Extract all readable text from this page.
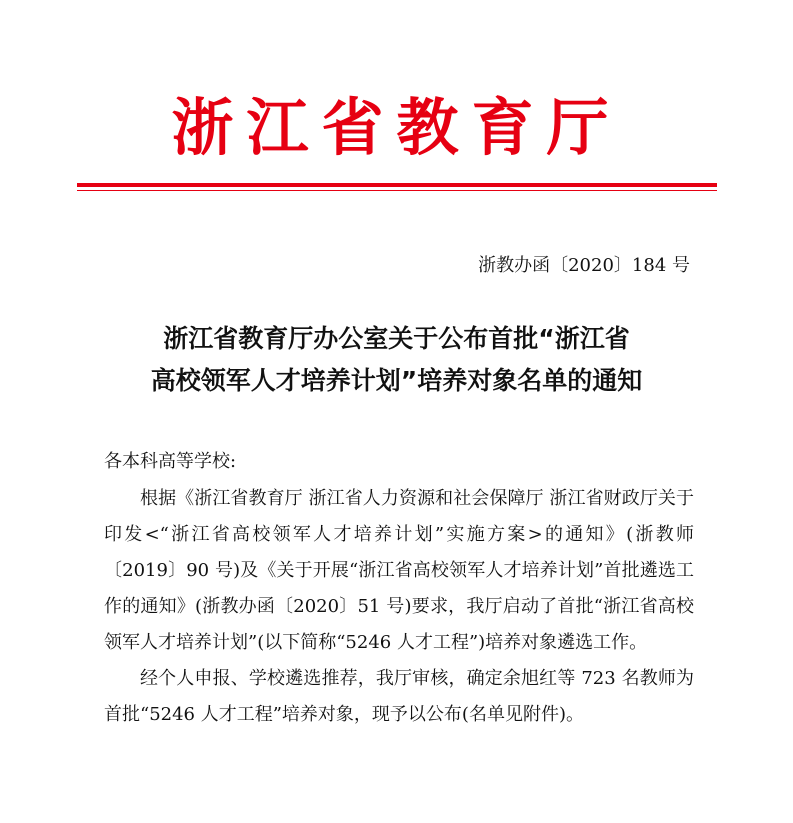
浙江省教育厅
浙教办函〔2020〕184 号
浙江省教育厅办公室关于公布首批“浙江省
高校领军人才培养计划”培养对象名单的通知
各本科高等学校:

根据《浙江省教育厅 浙江省人力资源和社会保障厅 浙江省财政厅关于印发<“浙江省高校领军人才培养计划”实施方案>的通知》(浙教师〔2019〕90 号)及《关于开展“浙江省高校领军人才培养计划”首批遴选工作的通知》(浙教办函〔2020〕51 号)要求，我厅启动了首批“浙江省高校领军人才培养计划”(以下简称“5246 人才工程”)培养对象遴选工作。

经个人申报、学校遴选推荐，我厅审核，确定余旭红等 723 名教师为首批“5246 人才工程”培养对象，现予以公布(名单见附件)。
